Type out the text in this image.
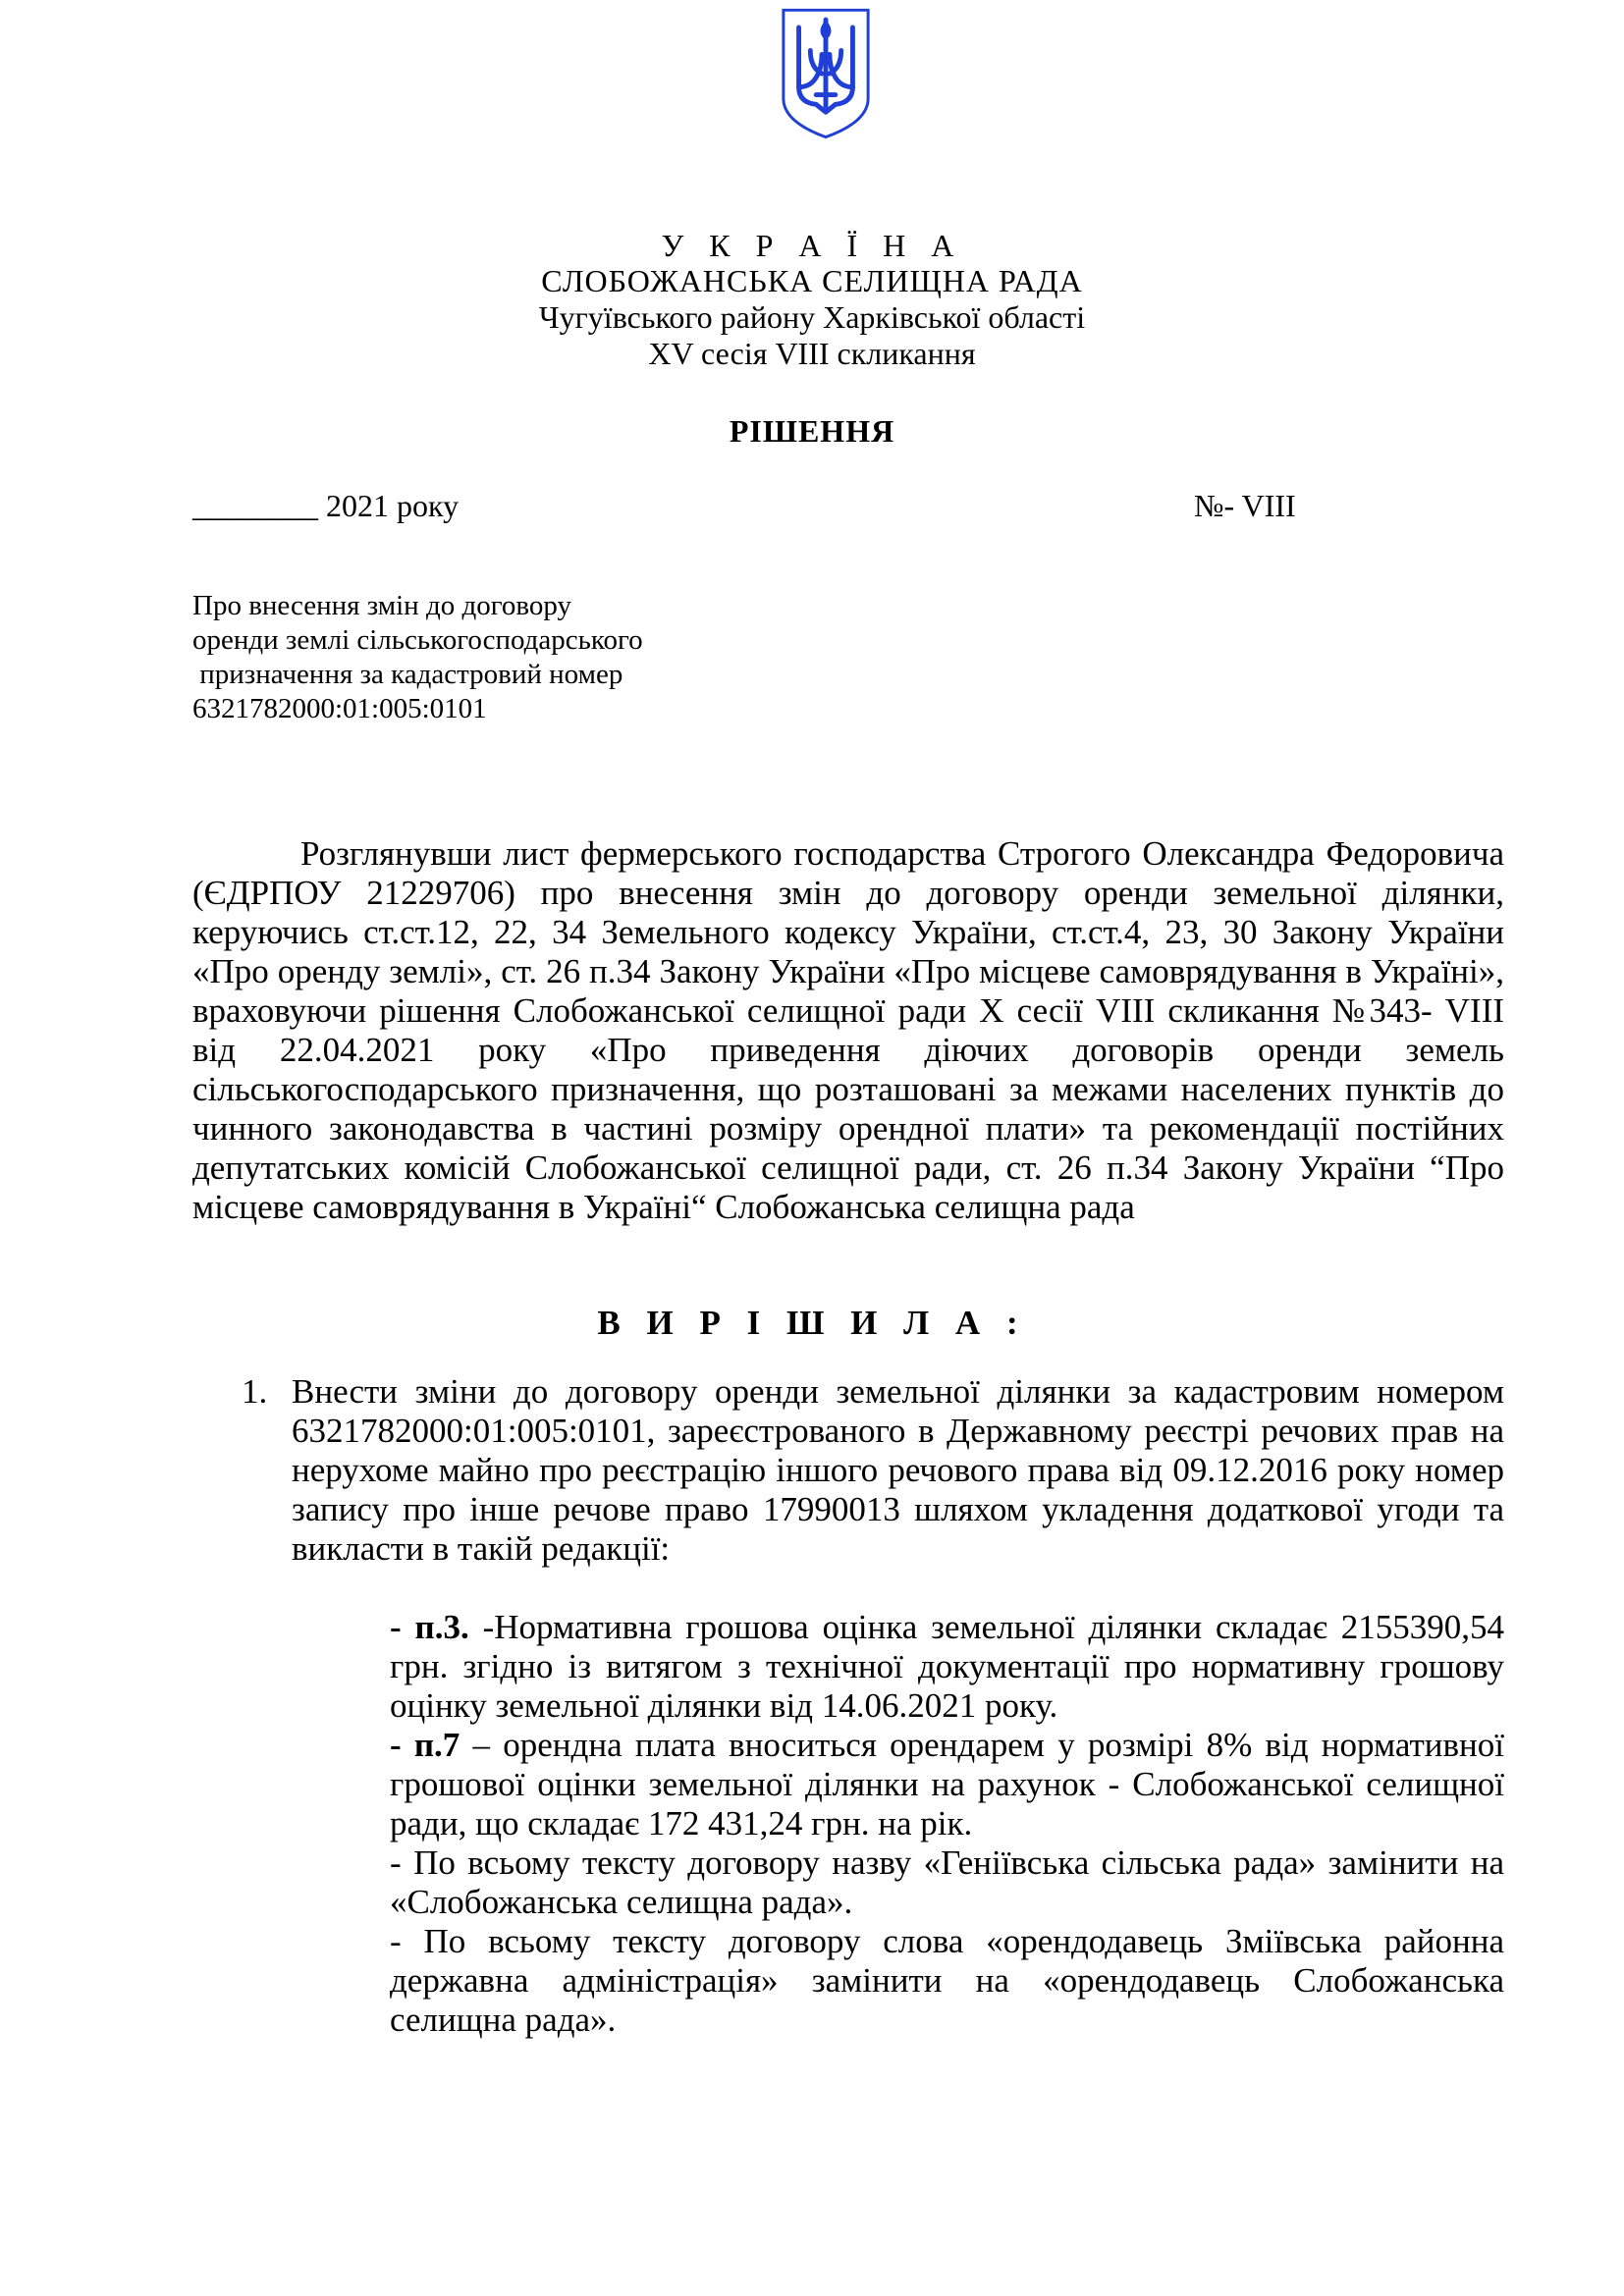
У К Р А Ї Н А
СЛОБОЖАНСЬКА СЕЛИЩНА РАДА
Чугуївського району Харківської області
XV сесія VIII скликання
РІШЕННЯ
________ 2021 року	№- VIII
Про внесення змін до договору
оренди землі сільськогосподарського
призначення за кадастровий номер
6321782000:01:005:0101
Розглянувши лист фермерського господарства Строгого Олександра Федоровича (ЄДРПОУ 21229706) про внесення змін до договору оренди земельної ділянки, керуючись ст.ст.12, 22, 34 Земельного кодексу України, ст.ст.4, 23, 30 Закону України «Про оренду землі», ст. 26 п.34 Закону України «Про місцеве самоврядування в Україні», враховуючи рішення Слобожанської селищної ради X сесії VIII скликання №343- VIII від 22.04.2021 року «Про приведення діючих договорів оренди земель сільськогосподарського призначення, що розташовані за межами населених пунктів до чинного законодавства в частині розміру орендної плати» та рекомендації постійних депутатських комісій Слобожанської селищної ради, ст. 26 п.34 Закону України “Про місцеве самоврядування в Україні“ Слобожанська селищна рада
В И Р І Ш И Л А :
1. Внести зміни до договору оренди земельної ділянки за кадастровим номером 6321782000:01:005:0101, зареєстрованого в Державному реєстрі речових прав на нерухоме майно про реєстрацію іншого речового права від 09.12.2016 року номер запису про інше речове право 17990013 шляхом укладення додаткової угоди та викласти в такій редакції:
- п.3. -Нормативна грошова оцінка земельної ділянки складає 2155390,54 грн. згідно із витягом з технічної документації про нормативну грошову оцінку земельної ділянки від 14.06.2021 року.
- п.7 – орендна плата вноситься орендарем у розмірі 8% від нормативної грошової оцінки земельної ділянки на рахунок - Слобожанської селищної ради, що складає 172 431,24 грн. на рік.
- По всьому тексту договору назву «Геніївська сільська рада» замінити на «Слобожанська селищна рада».
- По всьому тексту договору слова «орендодавець Зміївська районна державна адміністрація» замінити на «орендодавець Слобожанська селищна рада».
